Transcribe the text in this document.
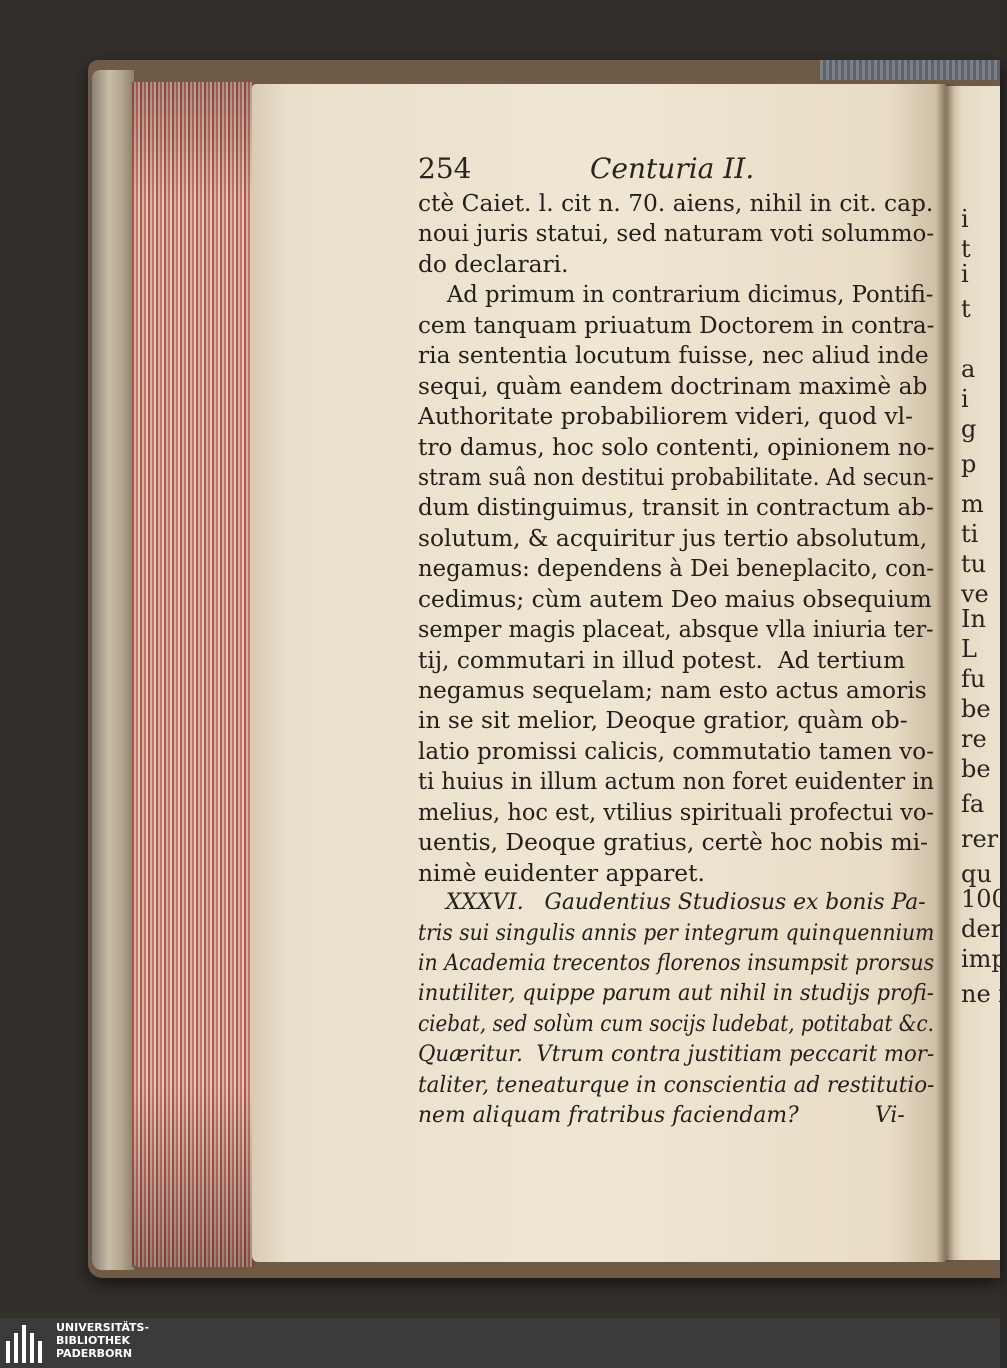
i
t
i
t
a
i
g
p
m
ti
tu
ve
In
L
fu
be
re
be
fa
rer
qu
100
der
imp
ne i
254	Centuria II.
ctè Caiet. l. cit n. 70. aiens, nihil in cit. cap.
noui juris statui, sed naturam voti solummo-
do declarari.
Ad primum in contrarium dicimus, Pontifi-
cem tanquam priuatum Doctorem in contra-
ria sententia locutum fuisse, nec aliud inde
sequi, quàm eandem doctrinam maximè ab
Authoritate probabiliorem videri, quod vl-
tro damus, hoc solo contenti, opinionem no-
stram suâ non destitui probabilitate. Ad secun-
dum distinguimus, transit in contractum ab-
solutum, & acquiritur jus tertio absolutum,
negamus: dependens à Dei beneplacito, con-
cedimus; cùm autem Deo maius obsequium
semper magis placeat, absque vlla iniuria ter-
tij, commutari in illud potest.  Ad tertium
negamus sequelam; nam esto actus amoris
in se sit melior, Deoque gratior, quàm ob-
latio promissi calicis, commutatio tamen vo-
ti huius in illum actum non foret euidenter in
melius, hoc est, vtilius spirituali profectui vo-
uentis, Deoque gratius, certè hoc nobis mi-
nimè euidenter apparet.
XXXVI.   Gaudentius Studiosus ex bonis Pa-
tris sui singulis annis per integrum quinquennium
in Academia trecentos florenos insumpsit prorsus
inutiliter, quippe parum aut nihil in studijs profi-
ciebat, sed solùm cum socijs ludebat, potitabat &c.
Quæritur.  Vtrum contra justitiam peccarit mor-
taliter, teneaturque in conscientia ad restitutio-
nem aliquam fratribus faciendam?           Vi-
UNIVERSITÄTS-
BIBLIOTHEK
PADERBORN
